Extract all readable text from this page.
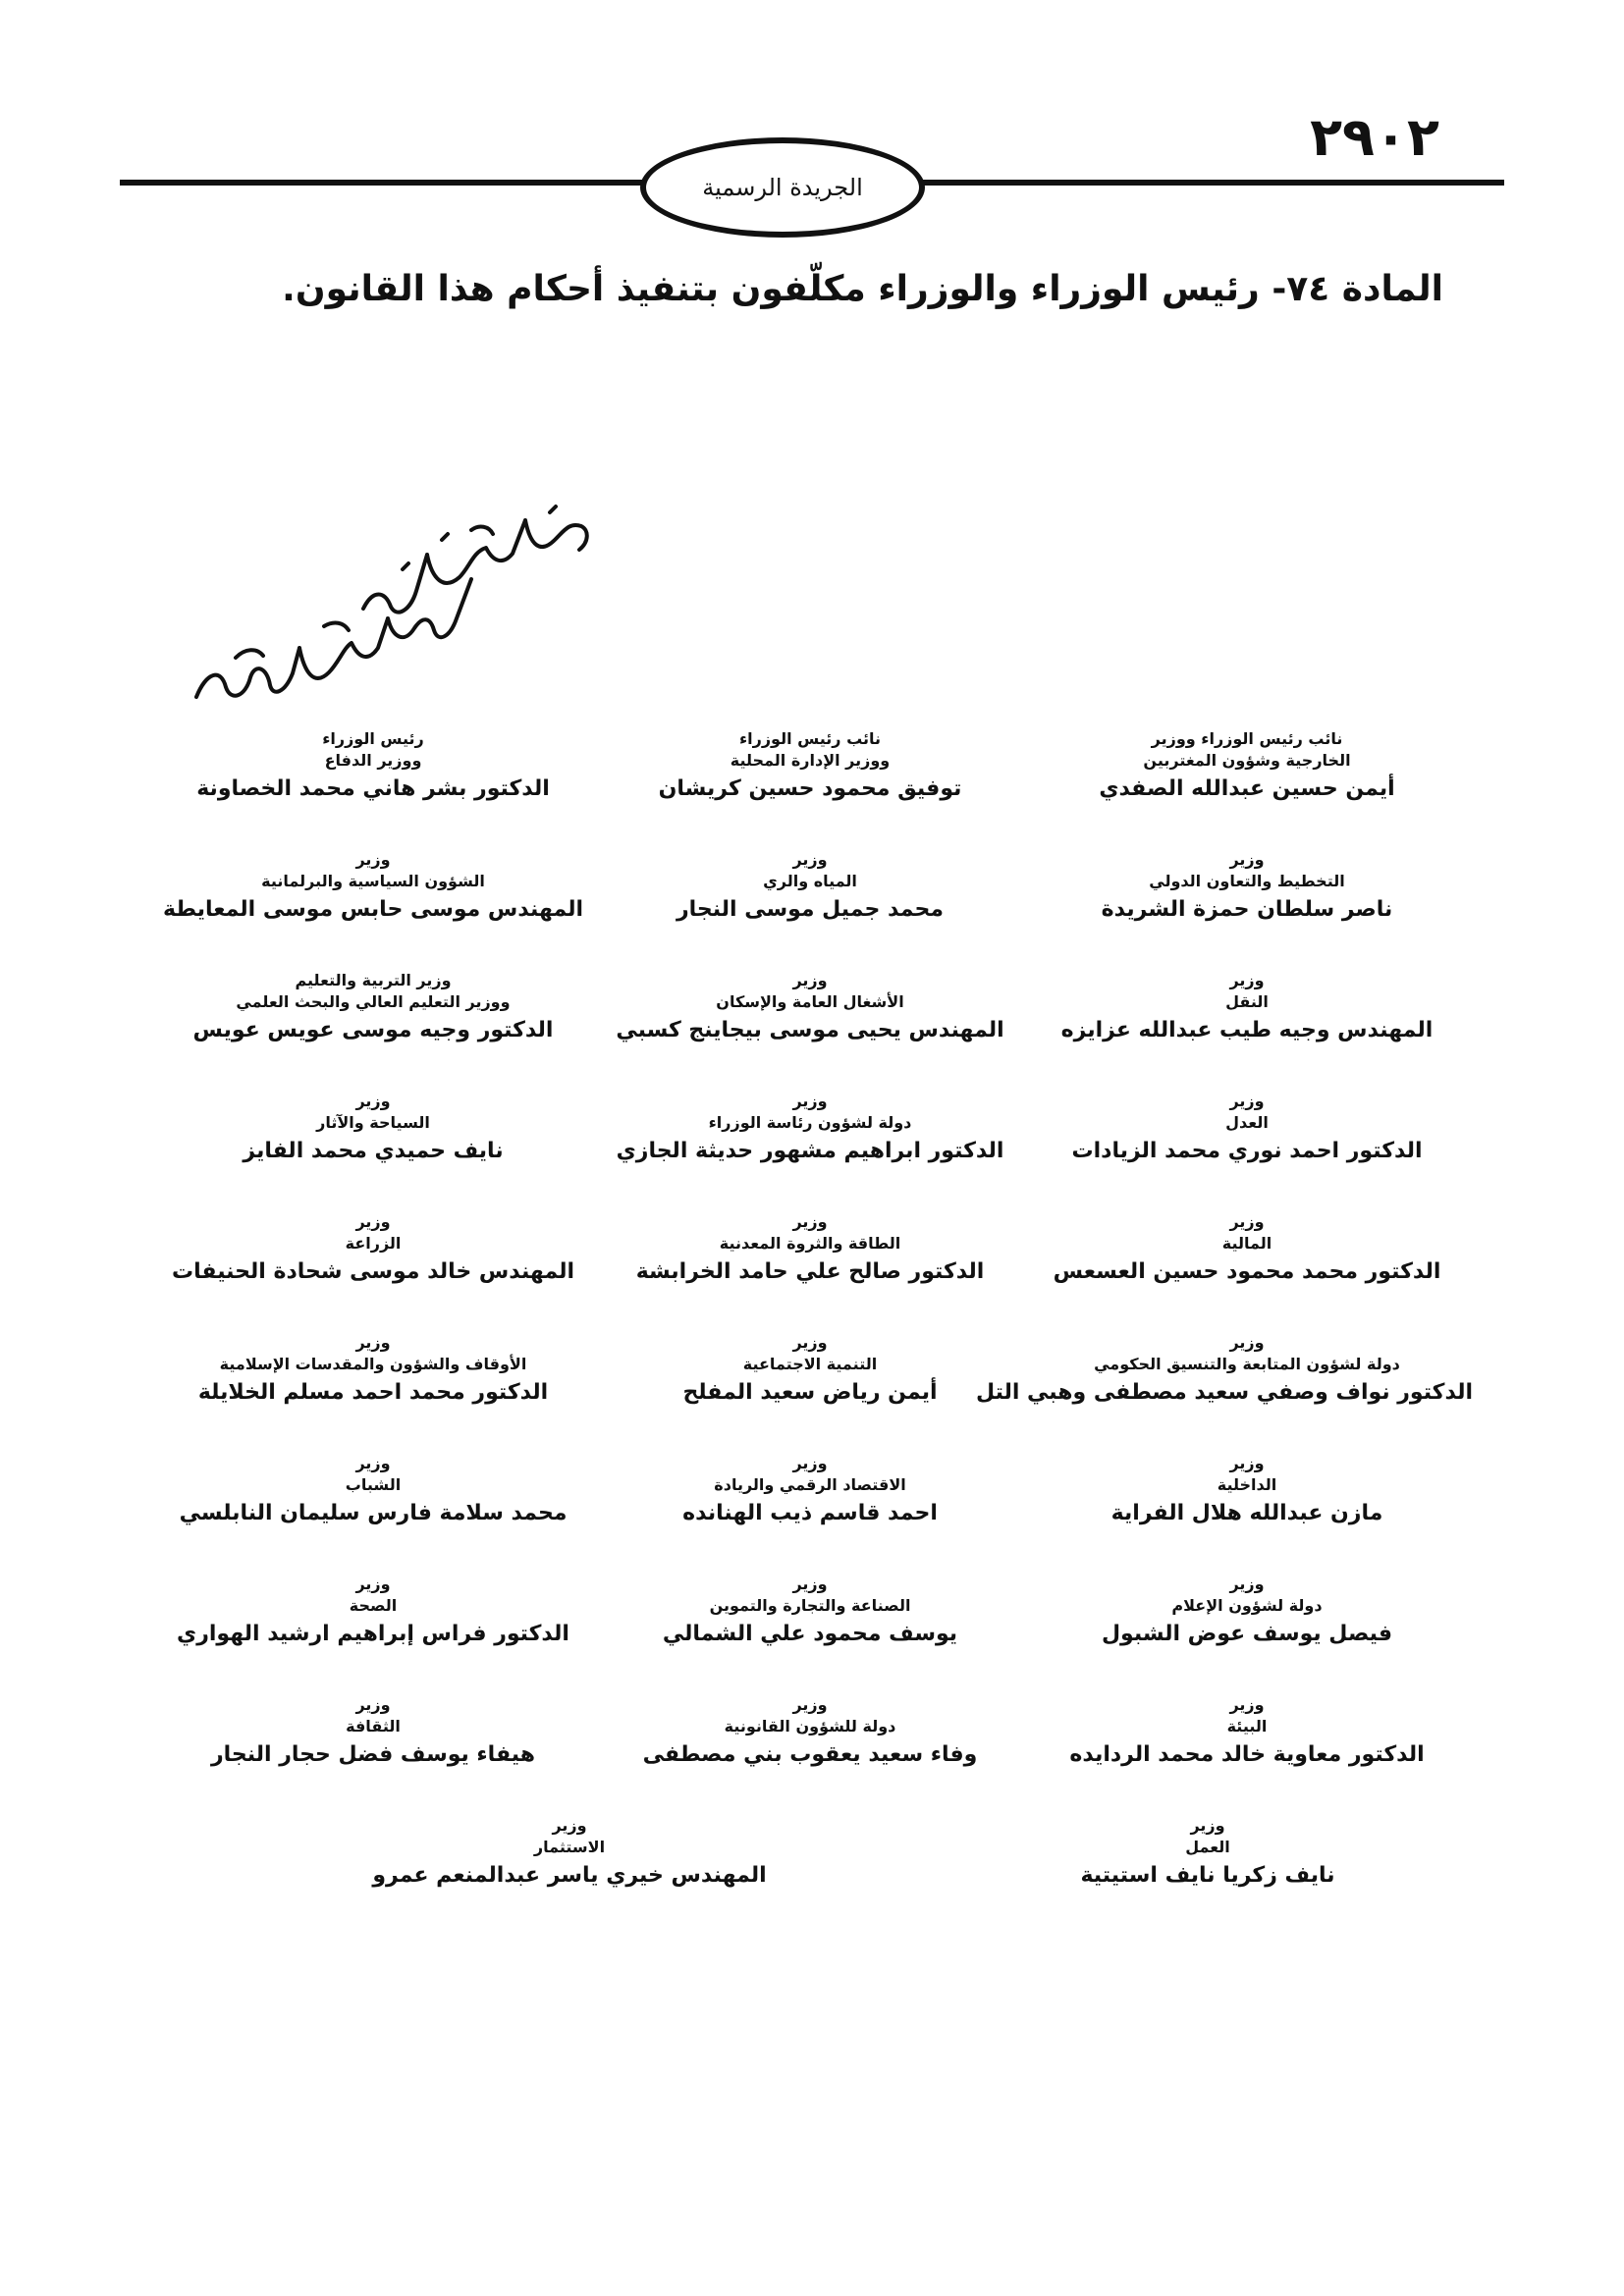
٢٩٠٢
الجريدة الرسمية
المادة ٧٤- رئيس الوزراء والوزراء مكلّفون بتنفيذ أحكام هذا القانون.
نائب رئيس الوزراء ووزير
الخارجية وشؤون المغتربين
أيمن حسين عبدالله الصفدي
نائب رئيس الوزراء
ووزير الإدارة المحلية
توفيق محمود حسين كريشان
رئيس الوزراء
ووزير الدفاع
الدكتور بشر هاني محمد الخصاونة
وزير
التخطيط والتعاون الدولي
ناصر سلطان حمزة الشريدة
وزير
المياه والري
محمد جميل موسى النجار
وزير
الشؤون السياسية والبرلمانية
المهندس موسى حابس موسى المعايطة
وزير
النقل
المهندس وجيه طيب عبدالله عزايزه
وزير
الأشغال العامة والإسكان
المهندس يحيى موسى بيجاينج كسبي
وزير التربية والتعليم
ووزير التعليم العالي والبحث العلمي
الدكتور وجيه موسى عويس عويس
وزير
العدل
الدكتور احمد نوري محمد الزيادات
وزير
دولة لشؤون رئاسة الوزراء
الدكتور ابراهيم مشهور حديثة الجازي
وزير
السياحة والآثار
نايف حميدي محمد الفايز
وزير
المالية
الدكتور محمد محمود حسين العسعس
وزير
الطاقة والثروة المعدنية
الدكتور صالح علي حامد الخرابشة
وزير
الزراعة
المهندس خالد موسى شحادة الحنيفات
وزير
دولة لشؤون المتابعة والتنسيق الحكومي
الدكتور نواف وصفي سعيد مصطفى وهبي التل
وزير
التنمية الاجتماعية
أيمن رياض سعيد المفلح
وزير
الأوقاف والشؤون والمقدسات الإسلامية
الدكتور محمد احمد مسلم الخلايلة
وزير
الداخلية
مازن عبدالله هلال الفراية
وزير
الاقتصاد الرقمي والريادة
احمد قاسم ذيب الهنانده
وزير
الشباب
محمد سلامة فارس سليمان النابلسي
وزير
دولة لشؤون الإعلام
فيصل يوسف عوض الشبول
وزير
الصناعة والتجارة والتموين
يوسف محمود علي الشمالي
وزير
الصحة
الدكتور فراس إبراهيم ارشيد الهواري
وزير
البيئة
الدكتور معاوية خالد محمد الردايده
وزير
دولة للشؤون القانونية
وفاء سعيد يعقوب بني مصطفى
وزير
الثقافة
هيفاء يوسف فضل حجار النجار
وزير
العمل
نايف زكريا نايف استيتية
وزير
الاستثمار
المهندس خيري ياسر عبدالمنعم عمرو
